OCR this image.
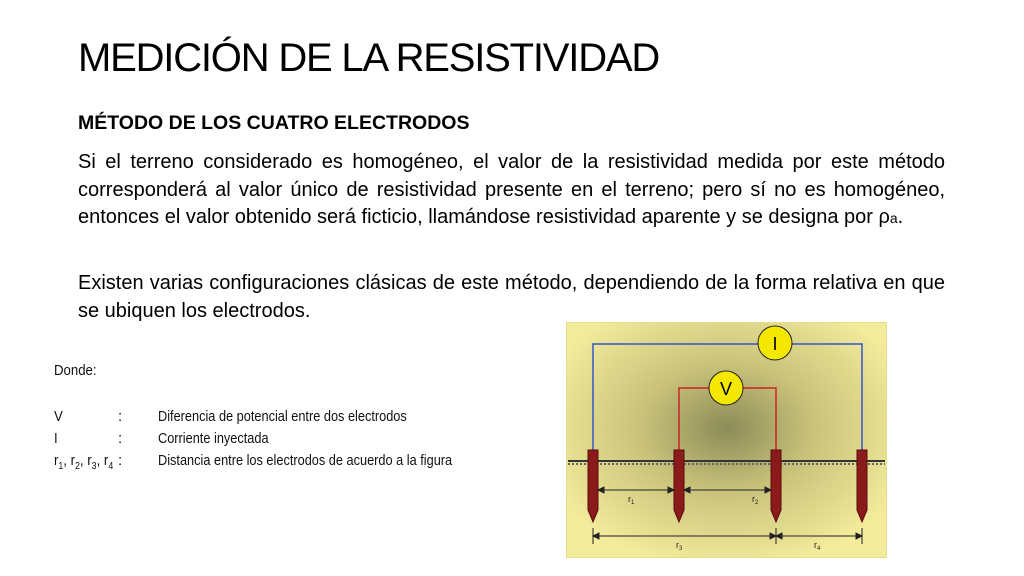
MEDICIÓN DE LA RESISTIVIDAD
MÉTODO DE LOS CUATRO ELECTRODOS
Si el terreno considerado es homogéneo, el valor de la resistividad medida por este método corresponderá al valor único de resistividad presente en el terreno; pero sí no es homogéneo, entonces el valor obtenido será ficticio, llamándose resistividad aparente y se designa por ρa.
Existen varias configuraciones clásicas de este método, dependiendo de la forma relativa en que se ubiquen los electrodos.
Donde:
V	: Diferencia de potencial entre dos electrodos
I	: Corriente inyectada
$r_1$, $r_2$, $r_3$, $r_4$ : Distancia entre los electrodos de acuerdo a la figura
I
V
$r_1$	$r_2$
$r_3$	$r_4$
